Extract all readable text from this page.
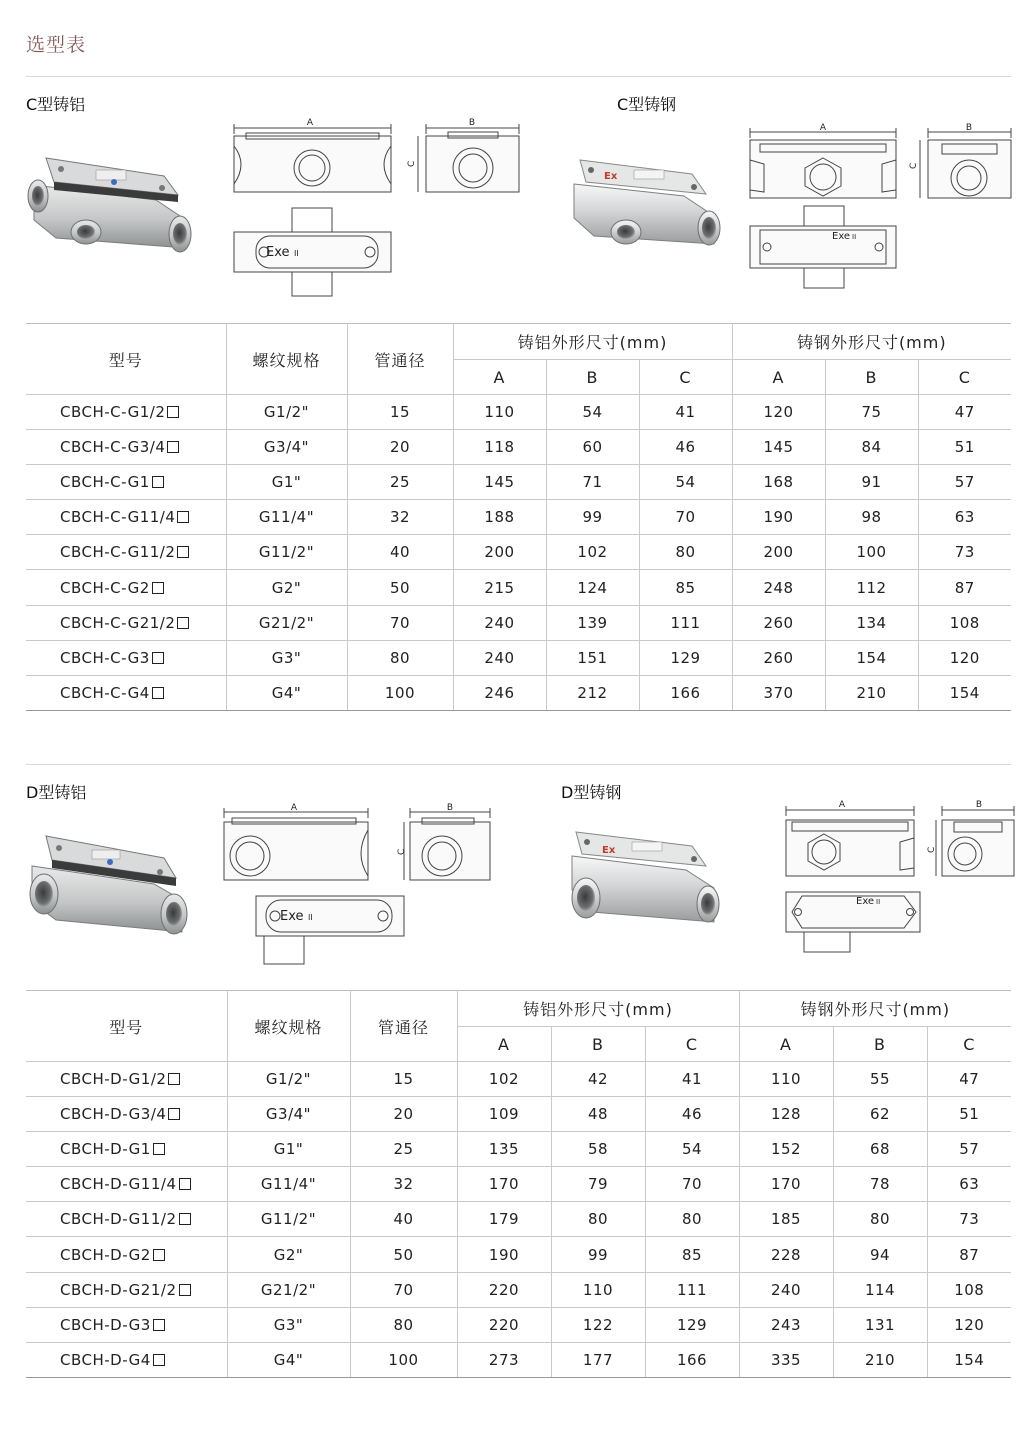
选型表
C型铸铝	C型铸钢
A	B
C
Exe II
Ex
A	B
C
Exe II
型号	螺纹规格	管通径	铸铝外形尺寸(mm)			铸钢外形尺寸(mm)		
			A	B	C	A	B	C
CBCH-C-G1/2	G1/2"	15	110	54	41	120	75	47
CBCH-C-G3/4	G3/4"	20	118	60	46	145	84	51
CBCH-C-G1	G1"	25	145	71	54	168	91	57
CBCH-C-G11/4	G11/4"	32	188	99	70	190	98	63
CBCH-C-G11/2	G11/2"	40	200	102	80	200	100	73
CBCH-C-G2	G2"	50	215	124	85	248	112	87
CBCH-C-G21/2	G21/2"	70	240	139	111	260	134	108
CBCH-C-G3	G3"	80	240	151	129	260	154	120
CBCH-C-G4	G4"	100	246	212	166	370	210	154
D型铸铝	D型铸钢
A	B
C
Exe II
Ex
A	B
C
Exe II
型号	螺纹规格	管通径	铸铝外形尺寸(mm)			铸钢外形尺寸(mm)		
			A	B	C	A	B	C
CBCH-D-G1/2	G1/2"	15	102	42	41	110	55	47
CBCH-D-G3/4	G3/4"	20	109	48	46	128	62	51
CBCH-D-G1	G1"	25	135	58	54	152	68	57
CBCH-D-G11/4	G11/4"	32	170	79	70	170	78	63
CBCH-D-G11/2	G11/2"	40	179	80	80	185	80	73
CBCH-D-G2	G2"	50	190	99	85	228	94	87
CBCH-D-G21/2	G21/2"	70	220	110	111	240	114	108
CBCH-D-G3	G3"	80	220	122	129	243	131	120
CBCH-D-G4	G4"	100	273	177	166	335	210	154
